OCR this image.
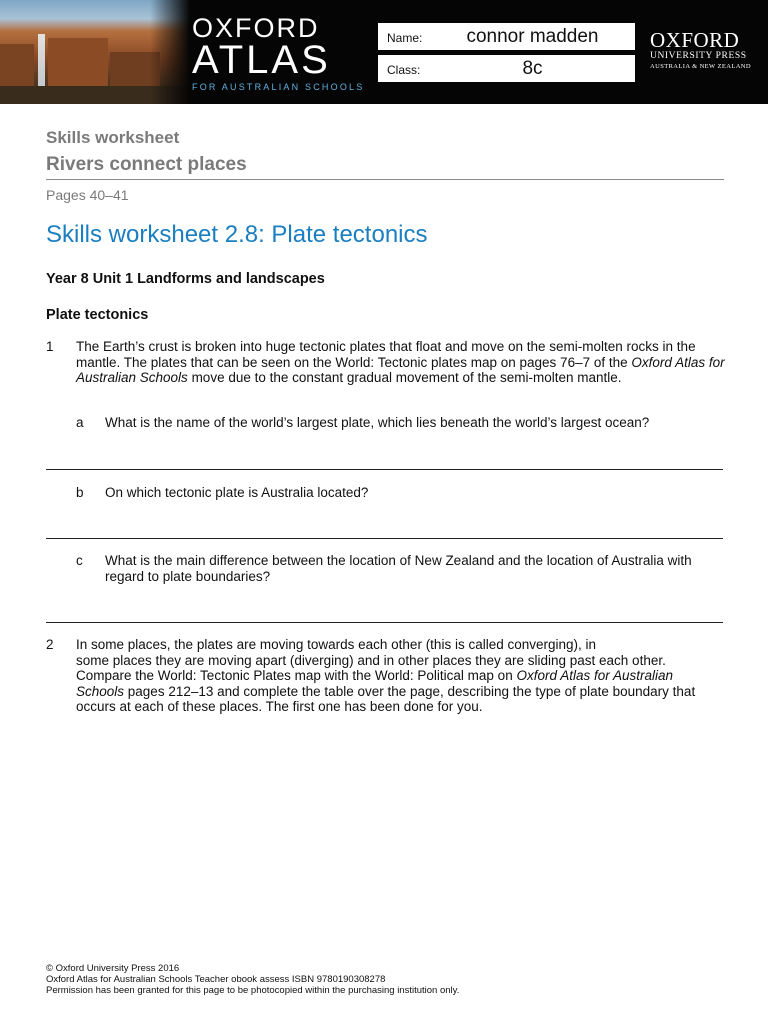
OXFORD
ATLAS
FOR AUSTRALIAN SCHOOLS
Name:	connor madden
Class:	8c
OXFORD
UNIVERSITY PRESS
AUSTRALIA & NEW ZEALAND
Skills worksheet
Rivers connect places
Pages 40–41
Skills worksheet 2.8: Plate tectonics
Year 8 Unit 1 Landforms and landscapes
Plate tectonics
1 The Earth’s crust is broken into huge tectonic plates that float and move on the semi-molten rocks in the mantle. The plates that can be seen on the World: Tectonic plates map on pages 76–7 of the Oxford Atlas for Australian Schools move due to the constant gradual movement of the semi-molten mantle.
a What is the name of the world’s largest plate, which lies beneath the world’s largest ocean?
b On which tectonic plate is Australia located?
c What is the main difference between the location of New Zealand and the location of Australia with regard to plate boundaries?
2 In some places, the plates are moving towards each other (this is called converging), in
some places they are moving apart (diverging) and in other places they are sliding past each other.
Compare the World: Tectonic Plates map with the World: Political map on Oxford Atlas for Australian
Schools pages 212–13 and complete the table over the page, describing the type of plate boundary that occurs at each of these places. The first one has been done for you.
© Oxford University Press 2016
Oxford Atlas for Australian Schools Teacher obook assess ISBN 9780190308278
Permission has been granted for this page to be photocopied within the purchasing institution only.
